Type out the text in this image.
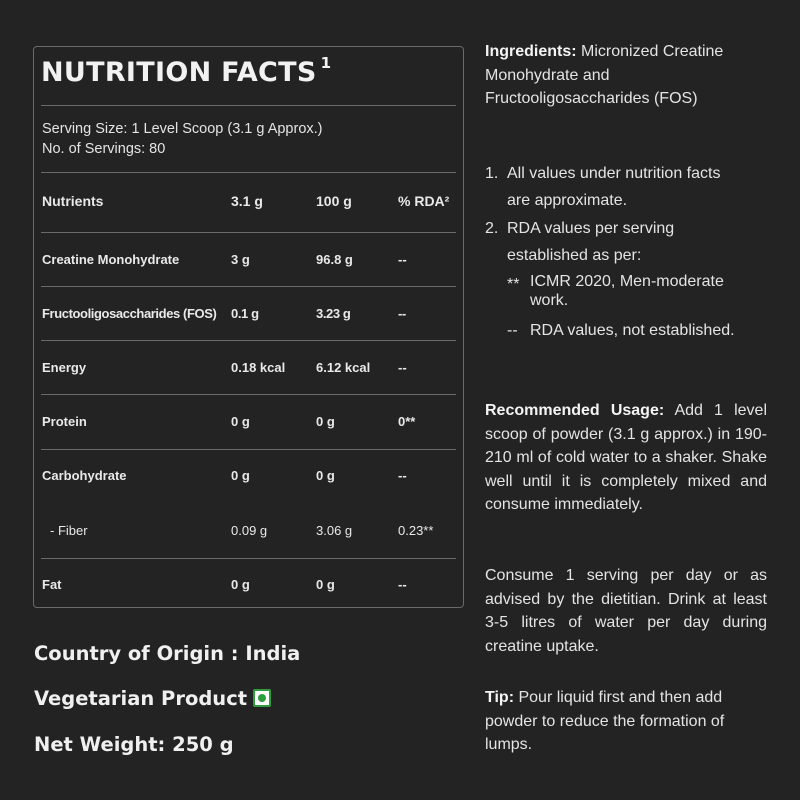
NUTRITION FACTS $^1$
Serving Size: 1 Level Scoop (3.1 g Approx.)
No. of Servings: 80
Nutrients	3.1 g	100 g	% RDA²
Creatine Monohydrate	3 g	96.8 g	--
Fructooligosaccharides (FOS) 0.1 g	3.23 g	--
Energy	0.18 kcal 6.12 kcal --
Protein	0 g	0 g	0**
Carbohydrate	0 g	0 g	--
- Fiber	0.09 g	3.06 g	0.23**
Fat	0 g	0 g	--
Ingredients: Micronized Creatine Monohydrate and Fructooligosaccharides (FOS)
1. All values under nutrition facts
are approximate.
2. RDA values per serving
established as per:
** ICMR 2020, Men-moderate
work.
-- RDA values, not established.
Recommended Usage: Add 1 level scoop of powder (3.1 g approx.) in 190-210 ml of cold water to a shaker. Shake well until it is completely mixed and consume immediately.
Consume 1 serving per day or as advised by the dietitian. Drink at least 3-5 litres of water per day during creatine uptake.
Tip: Pour liquid first and then add powder to reduce the formation of lumps.
Country of Origin : India
Vegetarian Product
Net Weight: 250 g
